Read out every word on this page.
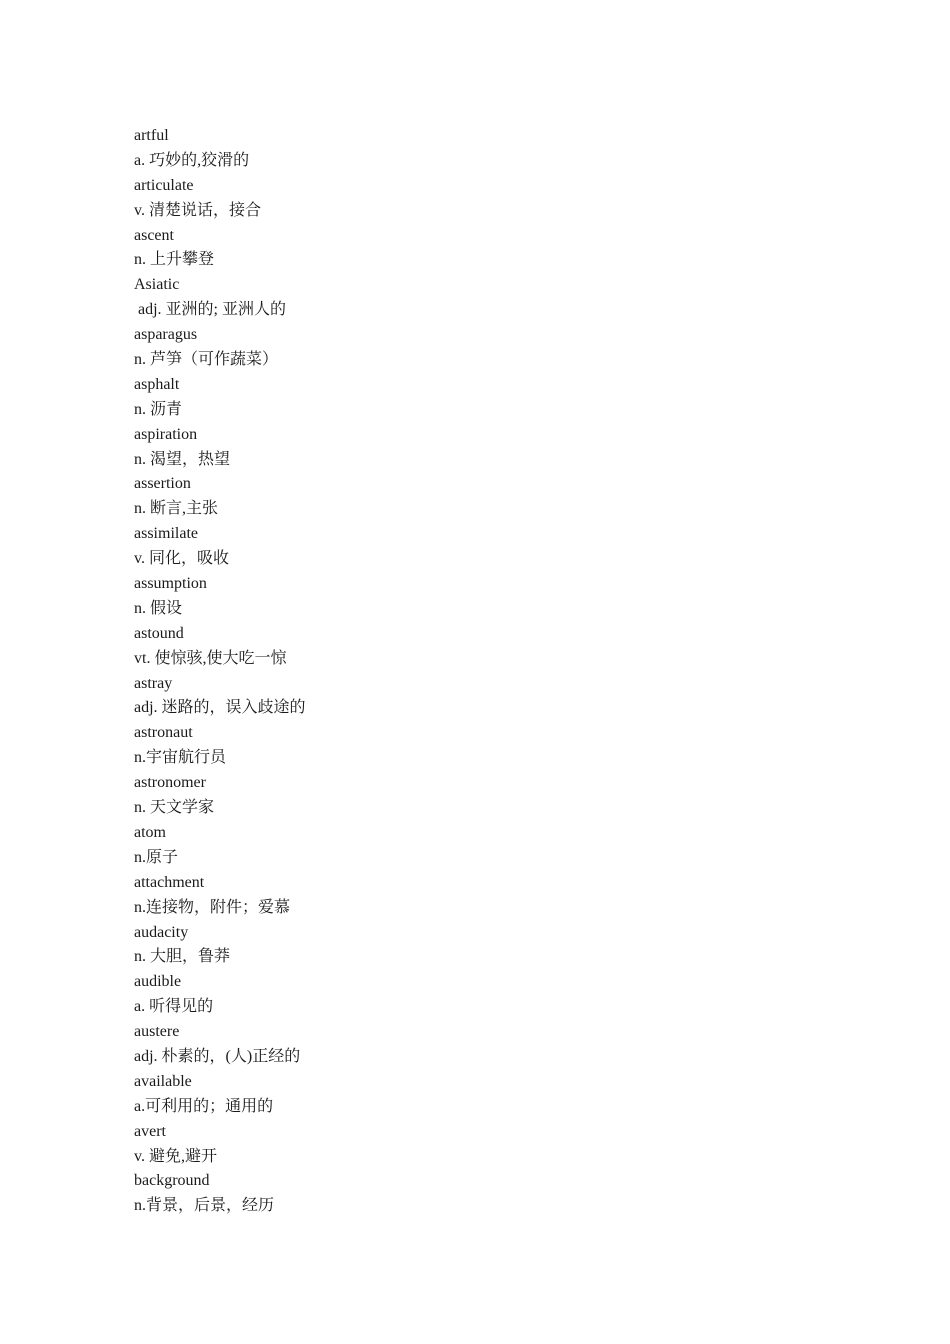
artful
a. 巧妙的,狡滑的
articulate
v. 清楚说话，接合
ascent
n. 上升攀登
Asiatic
adj. 亚洲的; 亚洲人的
asparagus
n. 芦笋（可作蔬菜）
asphalt
n. 沥青
aspiration
n. 渴望，热望
assertion
n. 断言,主张
assimilate
v. 同化，吸收
assumption
n. 假设
astound
vt. 使惊骇,使大吃一惊
astray
adj. 迷路的，误入歧途的
astronaut
n.宇宙航行员
astronomer
n. 天文学家
atom
n.原子
attachment
n.连接物，附件；爱慕
audacity
n. 大胆，鲁莽
audible
a. 听得见的
austere
adj. 朴素的，(人)正经的
available
a.可利用的；通用的
avert
v. 避免,避开
background
n.背景，后景，经历
